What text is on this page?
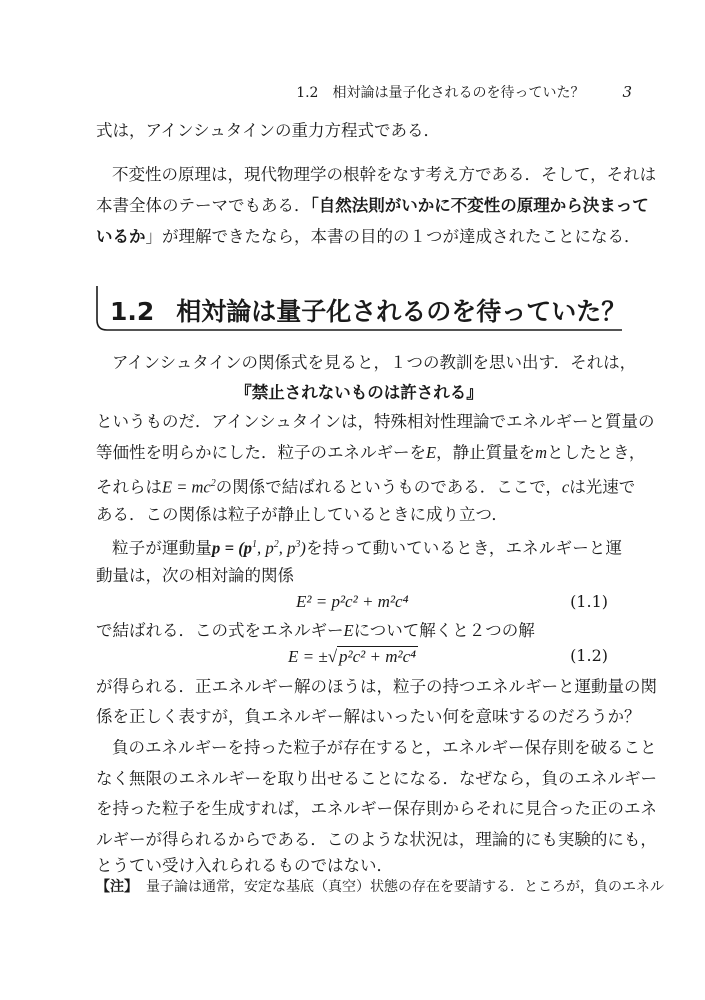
1.2 相対論は量子化されるのを待っていた？	3
式は，アインシュタインの重力方程式である．
不変性の原理は，現代物理学の根幹をなす考え方である．そして，それは
本書全体のテーマでもある．「自然法則がいかに不変性の原理から決まって
いるか」が理解できたなら，本書の目的の１つが達成されたことになる．
1.2 相対論は量子化されるのを待っていた？
アインシュタインの関係式を見ると，１つの教訓を思い出す．それは，
『禁止されないものは許される』
というものだ．アインシュタインは，特殊相対性理論でエネルギーと質量の
等価性を明らかにした．粒子のエネルギーをE，静止質量をmとしたとき，
それらは$E = mc^2$の関係で結ばれるというものである．ここで，cは光速で
ある．この関係は粒子が静止しているときに成り立つ．
粒子が運動量$p = (p^1$, $p^2$, $p^3$)を持って動いているとき，エネルギーと運
動量は，次の相対論的関係
E² = p²c² + m²c⁴	(1.1)
で結ばれる．この式をエネルギーEについて解くと２つの解
E = ±√ p²c² + m²c⁴	(1.2)
が得られる．正エネルギー解のほうは，粒子の持つエネルギーと運動量の関
係を正しく表すが，負エネルギー解はいったい何を意味するのだろうか？
負のエネルギーを持った粒子が存在すると，エネルギー保存則を破ること
なく無限のエネルギーを取り出せることになる．なぜなら，負のエネルギー
を持った粒子を生成すれば，エネルギー保存則からそれに見合った正のエネ
ルギーが得られるからである．このような状況は，理論的にも実験的にも，
とうてい受け入れられるものではない．
【注】 量子論は通常，安定な基底（真空）状態の存在を要請する．ところが，負のエネル
